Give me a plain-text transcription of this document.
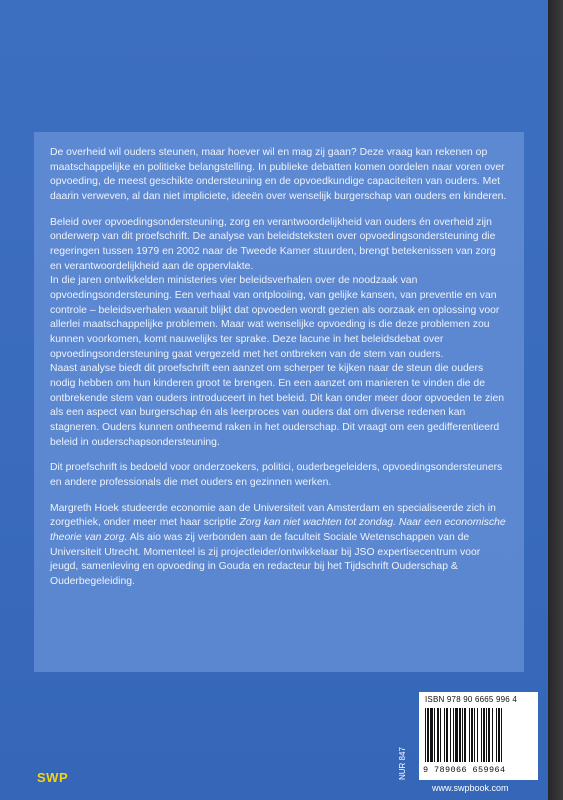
De overheid wil ouders steunen, maar hoever wil en mag zij gaan? Deze vraag kan rekenen op maatschappelijke en politieke belangstelling. In publieke debatten komen oordelen naar voren over opvoeding, de meest geschikte ondersteuning en de opvoedkundige capaciteiten van ouders. Met daarin verweven, al dan niet impliciete, ideeën over wenselijk burgerschap van ouders en kinderen.

Beleid over opvoedingsondersteuning, zorg en verantwoordelijkheid van ouders én overheid zijn onderwerp van dit proefschrift. De analyse van beleidsteksten over opvoedingsondersteuning die regeringen tussen 1979 en 2002 naar de Tweede Kamer stuurden, brengt betekenissen van zorg en verantwoordelijkheid aan de oppervlakte.

In die jaren ontwikkelden ministeries vier beleidsverhalen over de noodzaak van opvoedingsondersteuning. Een verhaal van ontplooiing, van gelijke kansen, van preventie en van controle – beleidsverhalen waaruit blijkt dat opvoeden wordt gezien als oorzaak en oplossing voor allerlei maatschappelijke problemen. Maar wat wenselijke opvoeding is die deze problemen zou kunnen voorkomen, komt nauwelijks ter sprake. Deze lacune in het beleidsdebat over opvoedingsondersteuning gaat vergezeld met het ontbreken van de stem van ouders.

Naast analyse biedt dit proefschrift een aanzet om scherper te kijken naar de steun die ouders nodig hebben om hun kinderen groot te brengen. En een aanzet om manieren te vinden die de ontbrekende stem van ouders introduceert in het beleid. Dit kan onder meer door opvoeden te zien als een aspect van burgerschap én als leerproces van ouders dat om diverse redenen kan stagneren. Ouders kunnen ontheemd raken in het ouderschap. Dit vraagt om een gedifferentieerd beleid in ouderschapsondersteuning.

Dit proefschrift is bedoeld voor onderzoekers, politici, ouderbegeleiders, opvoedingsondersteuners en andere professionals die met ouders en gezinnen werken.

Margreth Hoek studeerde economie aan de Universiteit van Amsterdam en specialiseerde zich in zorgethiek, onder meer met haar scriptie Zorg kan niet wachten tot zondag. Naar een economische theorie van zorg. Als aio was zij verbonden aan de faculteit Sociale Wetenschappen van de Universiteit Utrecht. Momenteel is zij projectleider/ontwikkelaar bij JSO expertisecentrum voor jeugd, samenleving en opvoeding in Gouda en redacteur bij het Tijdschrift Ouderschap & Ouderbegeleiding.

NUR 847
ISBN 978 90 6665 996 4
9 789066 659964
SWP
www.swpbook.com
